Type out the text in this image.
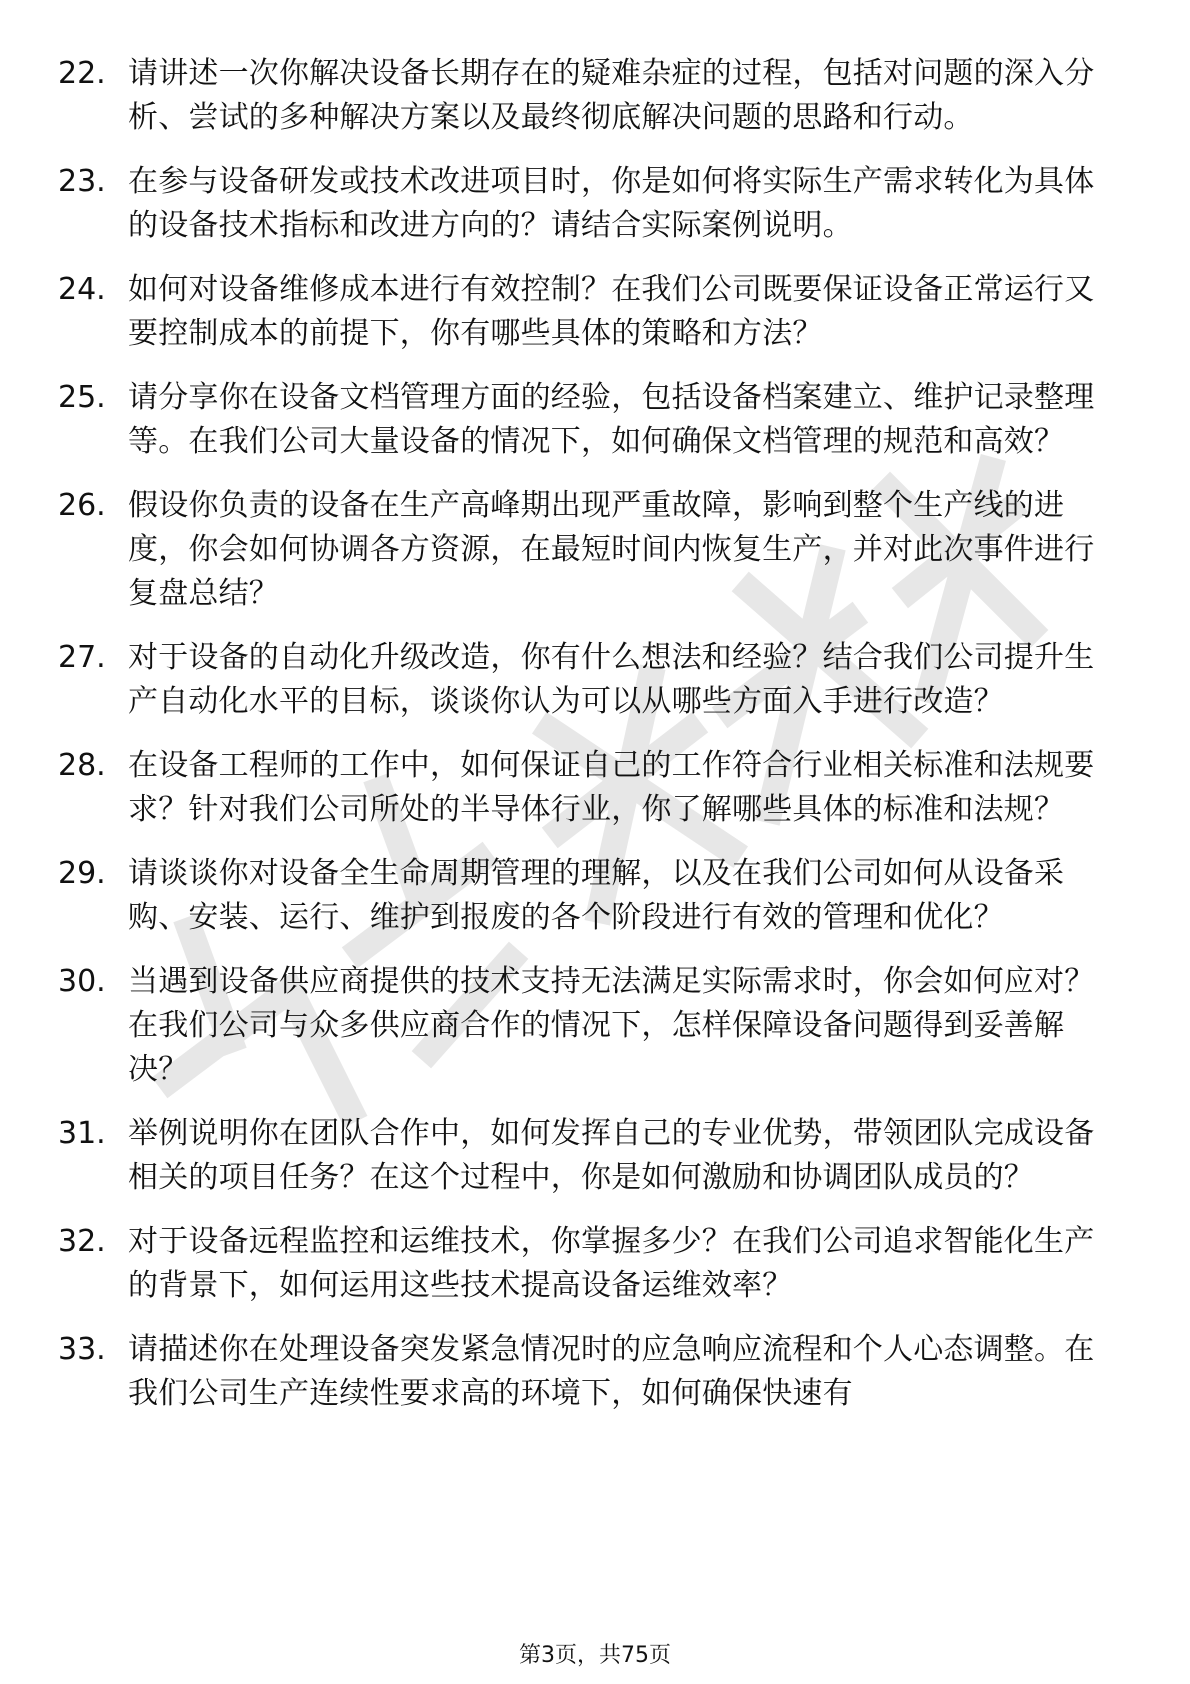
22. 请讲述一次你解决设备长期存在的疑难杂症的过程，包括对问题的深入分析、尝试的多种解决方案以及最终彻底解决问题的思路和行动。
23. 在参与设备研发或技术改进项目时，你是如何将实际生产需求转化为具体的设备技术指标和改进方向的？请结合实际案例说明。
24. 如何对设备维修成本进行有效控制？在我们公司既要保证设备正常运行又要控制成本的前提下，你有哪些具体的策略和方法？
25. 请分享你在设备文档管理方面的经验，包括设备档案建立、维护记录整理等。在我们公司大量设备的情况下，如何确保文档管理的规范和高效？
26. 假设你负责的设备在生产高峰期出现严重故障，影响到整个生产线的进度，你会如何协调各方资源，在最短时间内恢复生产，并对此次事件进行复盘总结？
27. 对于设备的自动化升级改造，你有什么想法和经验？结合我们公司提升生产自动化水平的目标，谈谈你认为可以从哪些方面入手进行改造？
28. 在设备工程师的工作中，如何保证自己的工作符合行业相关标准和法规要求？针对我们公司所处的半导体行业，你了解哪些具体的标准和法规？
29. 请谈谈你对设备全生命周期管理的理解，以及在我们公司如何从设备采购、安装、运行、维护到报废的各个阶段进行有效的管理和优化？
30. 当遇到设备供应商提供的技术支持无法满足实际需求时，你会如何应对？在我们公司与众多供应商合作的情况下，怎样保障设备问题得到妥善解决？
31. 举例说明你在团队合作中，如何发挥自己的专业优势，带领团队完成设备相关的项目任务？在这个过程中，你是如何激励和协调团队成员的？
32. 对于设备远程监控和运维技术，你掌握多少？在我们公司追求智能化生产的背景下，如何运用这些技术提高设备运维效率？
33. 请描述你在处理设备突发紧急情况时的应急响应流程和个人心态调整。在我们公司生产连续性要求高的环境下，如何确保快速有
第3页，共75页
